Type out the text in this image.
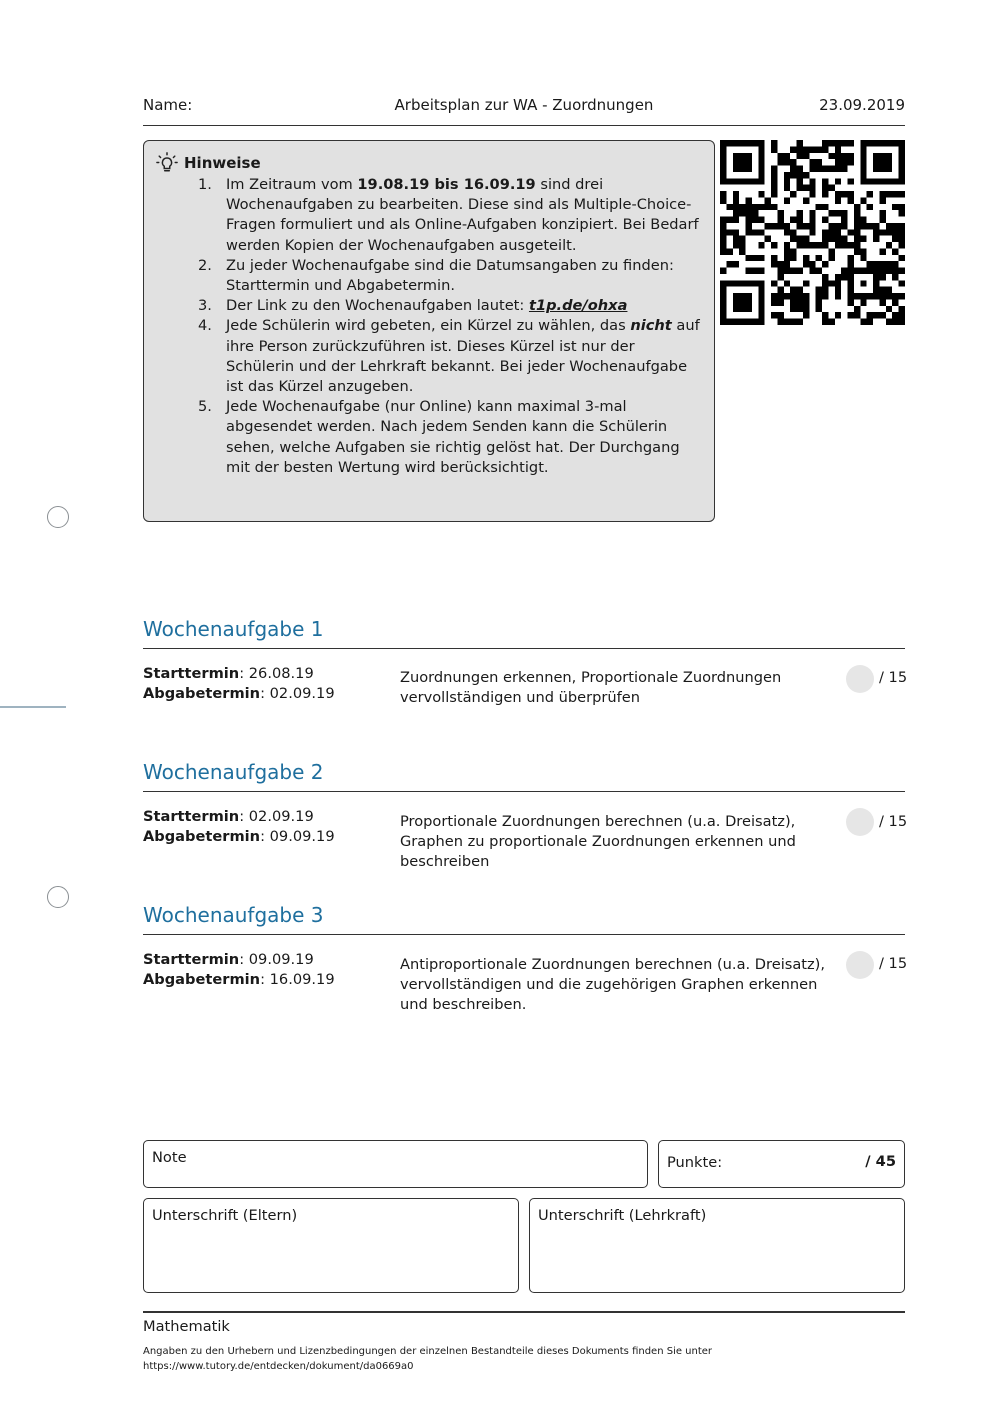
Name:	Arbeitsplan zur WA - Zuordnungen	23.09.2019
Hinweise
1. Im Zeitraum vom 19.08.19 bis 16.09.19 sind drei Wochenaufgaben zu bearbeiten. Diese sind als Multiple-Choice-Fragen formuliert und als Online-Aufgaben konzipiert. Bei Bedarf werden Kopien der Wochenaufgaben ausgeteilt.
2. Zu jeder Wochenaufgabe sind die Datumsangaben zu finden: Starttermin und Abgabetermin.
3. Der Link zu den Wochenaufgaben lautet: t1p.de/ohxa
4. Jede Schülerin wird gebeten, ein Kürzel zu wählen, das nicht auf ihre Person zurückzuführen ist. Dieses Kürzel ist nur der Schülerin und der Lehrkraft bekannt. Bei jeder Wochenaufgabe ist das Kürzel anzugeben.
5. Jede Wochenaufgabe (nur Online) kann maximal 3-mal abgesendet werden. Nach jedem Senden kann die Schülerin sehen, welche Aufgaben sie richtig gelöst hat. Der Durchgang mit der besten Wertung wird berücksichtigt.
Wochenaufgabe 1
Starttermin: 26.08.19
Abgabetermin: 02.09.19
Zuordnungen erkennen, Proportionale Zuordnungen vervollständigen und überprüfen
/ 15
Wochenaufgabe 2
Starttermin: 02.09.19
Abgabetermin: 09.09.19
Proportionale Zuordnungen berechnen (u.a. Dreisatz), Graphen zu proportionale Zuordnungen erkennen und beschreiben
/ 15
Wochenaufgabe 3
Starttermin: 09.09.19
Abgabetermin: 16.09.19
Antiproportionale Zuordnungen berechnen (u.a. Dreisatz), vervollständigen und die zugehörigen Graphen erkennen und beschreiben.
/ 15
Note	Punkte:	/ 45
Unterschrift (Eltern)	Unterschrift (Lehrkraft)
Mathematik
Angaben zu den Urhebern und Lizenzbedingungen der einzelnen Bestandteile dieses Dokuments finden Sie unter
https://www.tutory.de/entdecken/dokument/da0669a0
